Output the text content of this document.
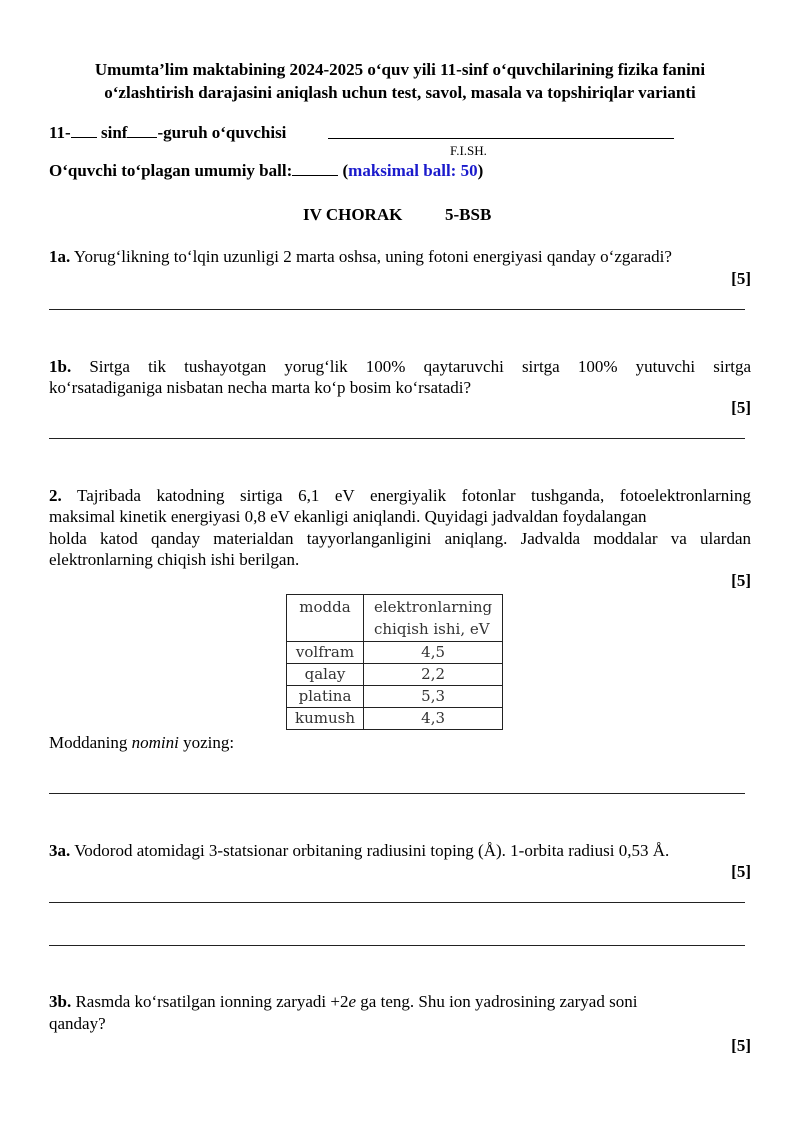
Umumta’lim maktabining 2024-2025 o‘quv yili 11-sinf o‘quvchilarining fizika fanini
o‘zlashtirish darajasini aniqlash uchun test, savol, masala va topshiriqlar varianti
11- sinf -guruh o‘quvchisi
F.I.SH.
O‘quvchi to‘plagan umumiy ball:	(maksimal ball: 50)
IV CHORAK	5-BSB
1a. Yorug‘likning to‘lqin uzunligi 2 marta oshsa, uning fotoni energiyasi qanday o‘zgaradi?
[5]
1b. Sirtga tik tushayotgan yorug‘lik 100% qaytaruvchi sirtga 100% yutuvchi sirtga
ko‘rsatadiganiga nisbatan necha marta ko‘p bosim ko‘rsatadi?
[5]
2. Tajribada katodning sirtiga 6,1 eV energiyalik fotonlar tushganda, fotoelektronlarning
maksimal kinetik energiyasi 0,8 eV ekanligi aniqlandi. Quyidagi jadvaldan foydalangan
holda katod qanday materialdan tayyorlanganligini aniqlang. Jadvalda moddalar va ulardan
elektronlarning chiqish ishi berilgan.
[5]
modda	elektronlarning
chiqish ishi, eV
volfram	4,5
qalay	2,2
platina	5,3
kumush	4,3
Moddaning nomini yozing:
3a. Vodorod atomidagi 3-statsionar orbitaning radiusini toping (Å). 1-orbita radiusi 0,53 Å.
[5]
3b. Rasmda ko‘rsatilgan ionning zaryadi +2e ga teng. Shu ion yadrosining zaryad soni
qanday?
[5]
